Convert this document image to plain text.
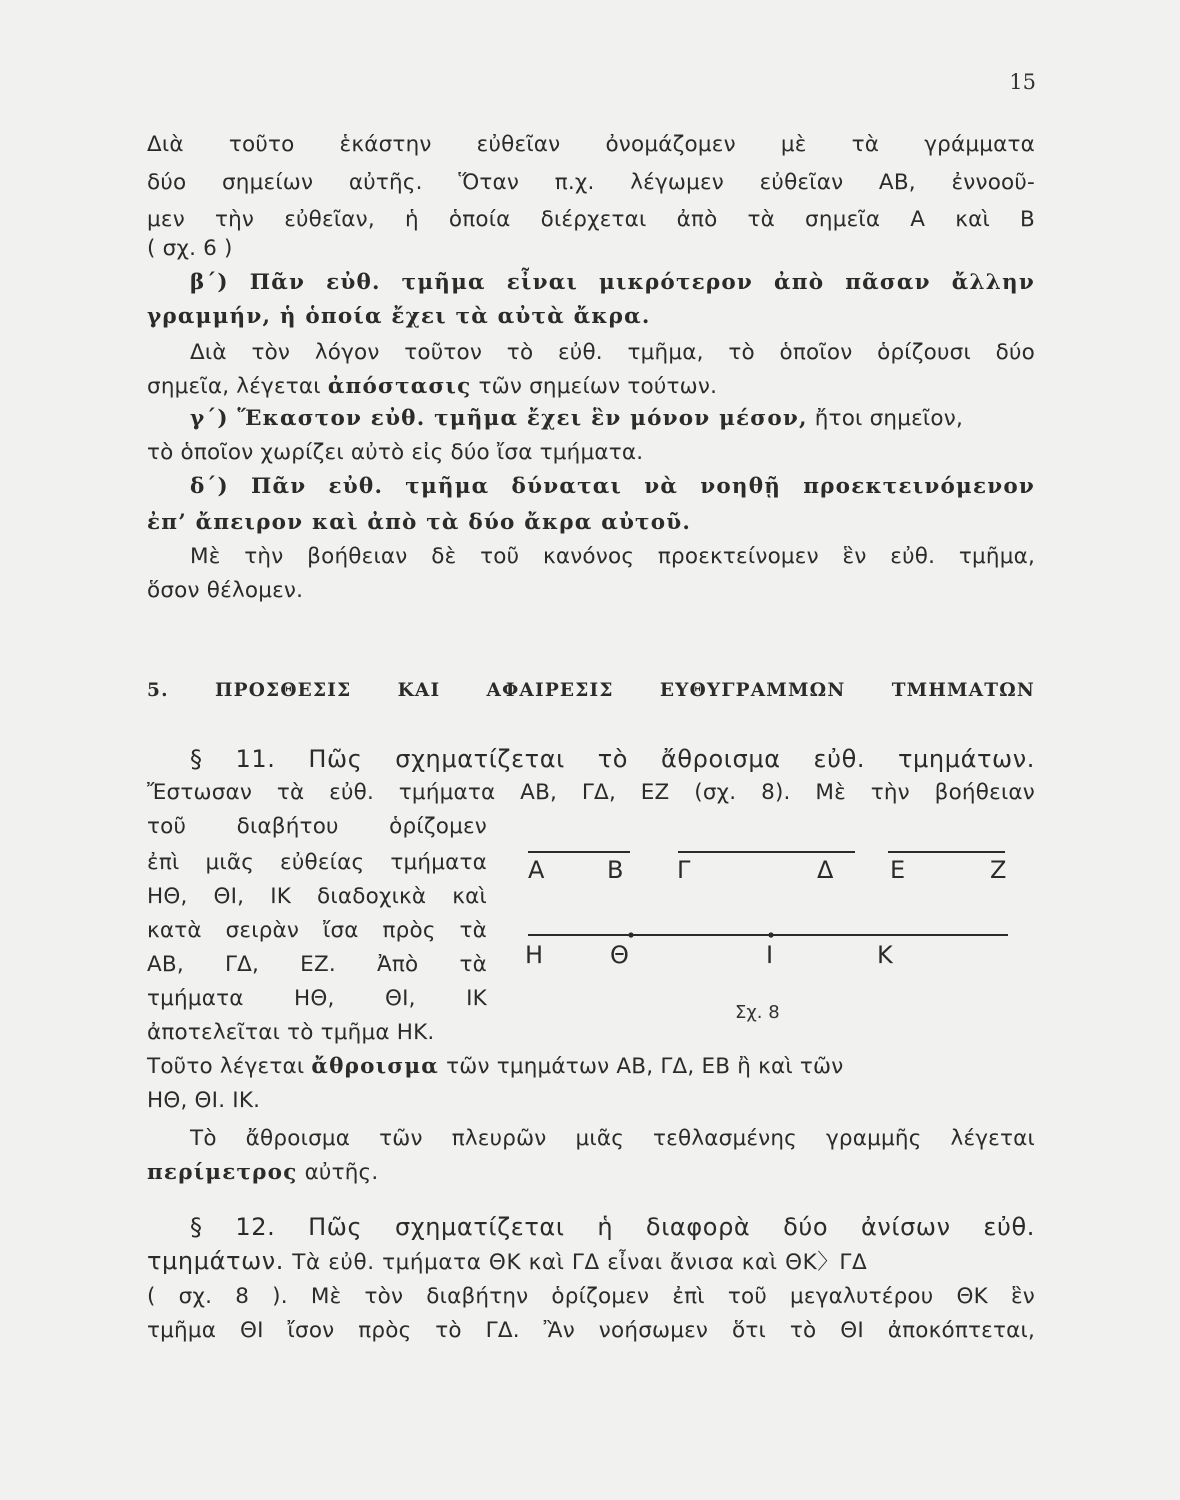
15
Διὰ τοῦτο ἑκάστην εὐθεῖαν ὀνομάζομεν μὲ τὰ γράμματα
δύο σημείων αὐτῆς. Ὅταν π.χ. λέγωμεν εὐθεῖαν ΑΒ, ἐννοοῦ-
μεν τὴν εὐθεῖαν, ἡ ὁποία διέρχεται ἀπὸ τὰ σημεῖα Α καὶ Β
( σχ. 6 )
β΄) Πᾶν εὐθ. τμῆμα εἶναι μικρότερον ἀπὸ πᾶσαν ἄλλην
γραμμήν, ἡ ὁποία ἔχει τὰ αὐτὰ ἄκρα.
Διὰ τὸν λόγον τοῦτον τὸ εὐθ. τμῆμα, τὸ ὁποῖον ὁρίζουσι δύο
σημεῖα, λέγεται ἀπόστασις τῶν σημείων τούτων.
γ΄) Ἕκαστον εὐθ. τμῆμα ἔχει ἓν μόνον μέσον, ἤτοι σημεῖον,
τὸ ὁποῖον χωρίζει αὐτὸ εἰς δύο ἴσα τμήματα.
δ΄) Πᾶν εὐθ. τμῆμα δύναται νὰ νοηθῇ προεκτεινόμενον
ἐπ’ ἄπειρον καὶ ἀπὸ τὰ δύο ἄκρα αὐτοῦ.
Μὲ τὴν βοήθειαν δὲ τοῦ κανόνος προεκτείνομεν ἓν εὐθ. τμῆμα,
ὅσον θέλομεν.
5. ΠΡΟΣΘΕΣΙΣ ΚΑΙ ΑΦΑΙΡΕΣΙΣ ΕΥΘΥΓΡΑΜΜΩΝ ΤΜΗΜΑΤΩΝ
§ 11. Πῶς σχηματίζεται τὸ ἄθροισμα εὐθ. τμημάτων.
Ἔστωσαν τὰ εὐθ. τμήματα ΑΒ, ΓΔ, ΕΖ (σχ. 8). Μὲ τὴν βοήθειαν
τοῦ διαβήτου ὁρίζομεν
ἐπὶ μιᾶς εὐθείας τμήματα
ΗΘ, ΘΙ, ΙΚ διαδοχικὰ καὶ
κατὰ σειρὰν ἴσα πρὸς τὰ
ΑΒ, ΓΔ, ΕΖ. Ἀπὸ τὰ
τμήματα ΗΘ, ΘΙ, ΙΚ
ἀποτελεῖται τὸ τμῆμα ΗΚ.
Τοῦτο λέγεται ἄθροισμα τῶν τμημάτων ΑΒ, ΓΔ, ΕΒ ἢ καὶ τῶν
ΗΘ, ΘΙ. ΙΚ.
Τὸ ἄθροισμα τῶν πλευρῶν μιᾶς τεθλασμένης γραμμῆς λέγεται
περίμετρος αὐτῆς.
§ 12. Πῶς σχηματίζεται ἡ διαφορὰ δύο ἀνίσων εὐθ.
τμημάτων. Τὰ εὐθ. τμήματα ΘΚ καὶ ΓΔ εἶναι ἄνισα καὶ ΘΚ〉ΓΔ
( σχ. 8 ). Μὲ τὸν διαβήτην ὁρίζομεν ἐπὶ τοῦ μεγαλυτέρου ΘΚ ἓν
τμῆμα ΘΙ ἴσον πρὸς τὸ ΓΔ. Ἂν νοήσωμεν ὅτι τὸ ΘΙ ἀποκόπτεται,
Α	Β Γ	Δ Ε	Ζ
Η	Θ	Ι	Κ
Σχ. 8
